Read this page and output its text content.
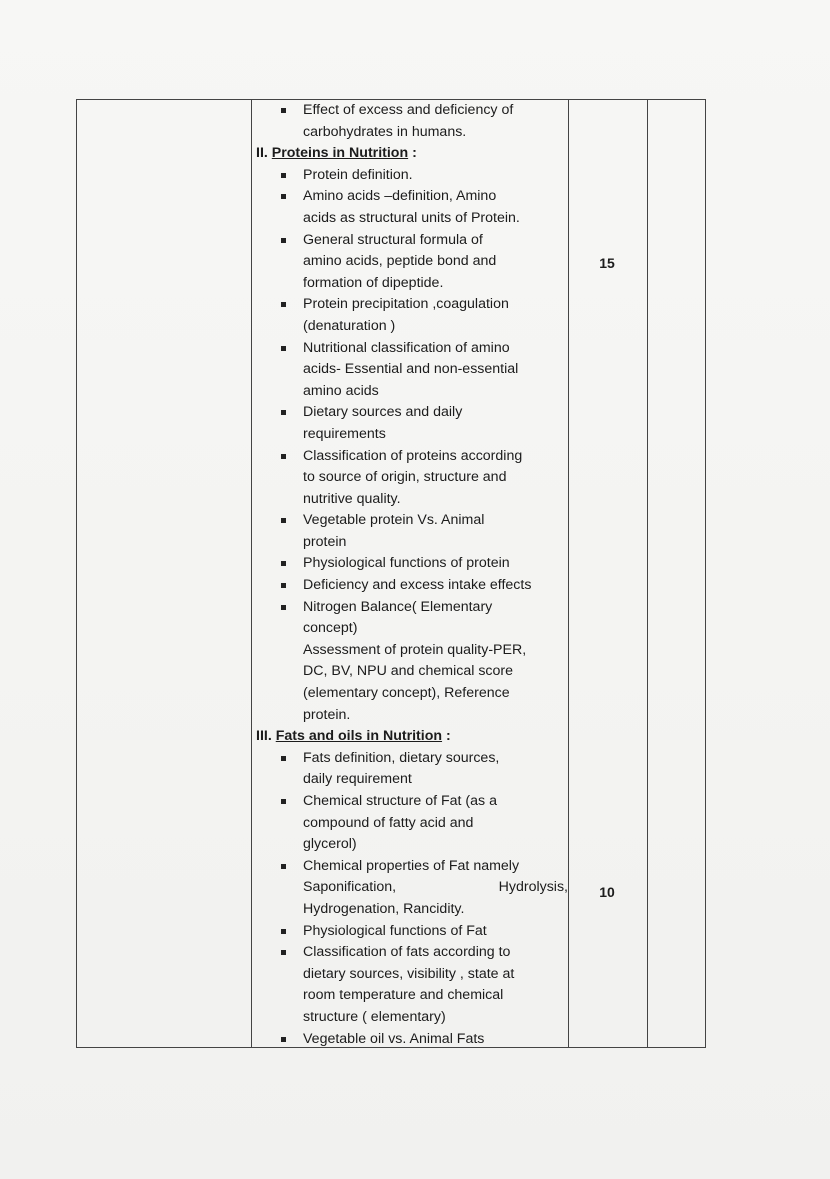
Effect of excess and deficiency of
carbohydrates in humans.
II. Proteins in Nutrition :
Protein definition.
Amino acids –definition, Amino
acids as structural units of Protein.
General structural formula of
amino acids, peptide bond and
formation of dipeptide.
Protein precipitation ,coagulation
(denaturation )
Nutritional classification of amino
acids- Essential and non-essential
amino acids
Dietary sources and daily
requirements
Classification of proteins according
to source of origin, structure and
nutritive quality.
Vegetable protein Vs. Animal
protein
Physiological functions of protein
Deficiency and excess intake effects
Nitrogen Balance( Elementary
concept)
Assessment of protein quality-PER,
DC, BV, NPU and chemical score
(elementary concept), Reference
protein.
III. Fats and oils in Nutrition :
Fats definition, dietary sources,
daily requirement
Chemical structure of Fat (as a
compound of fatty acid and
glycerol)
Chemical properties of Fat namely
Saponification,	Hydrolysis,
Hydrogenation, Rancidity.
Physiological functions of Fat
Classification of fats according to
dietary sources, visibility , state at
room temperature and chemical
structure ( elementary)
Vegetable oil vs. Animal Fats
15
10
